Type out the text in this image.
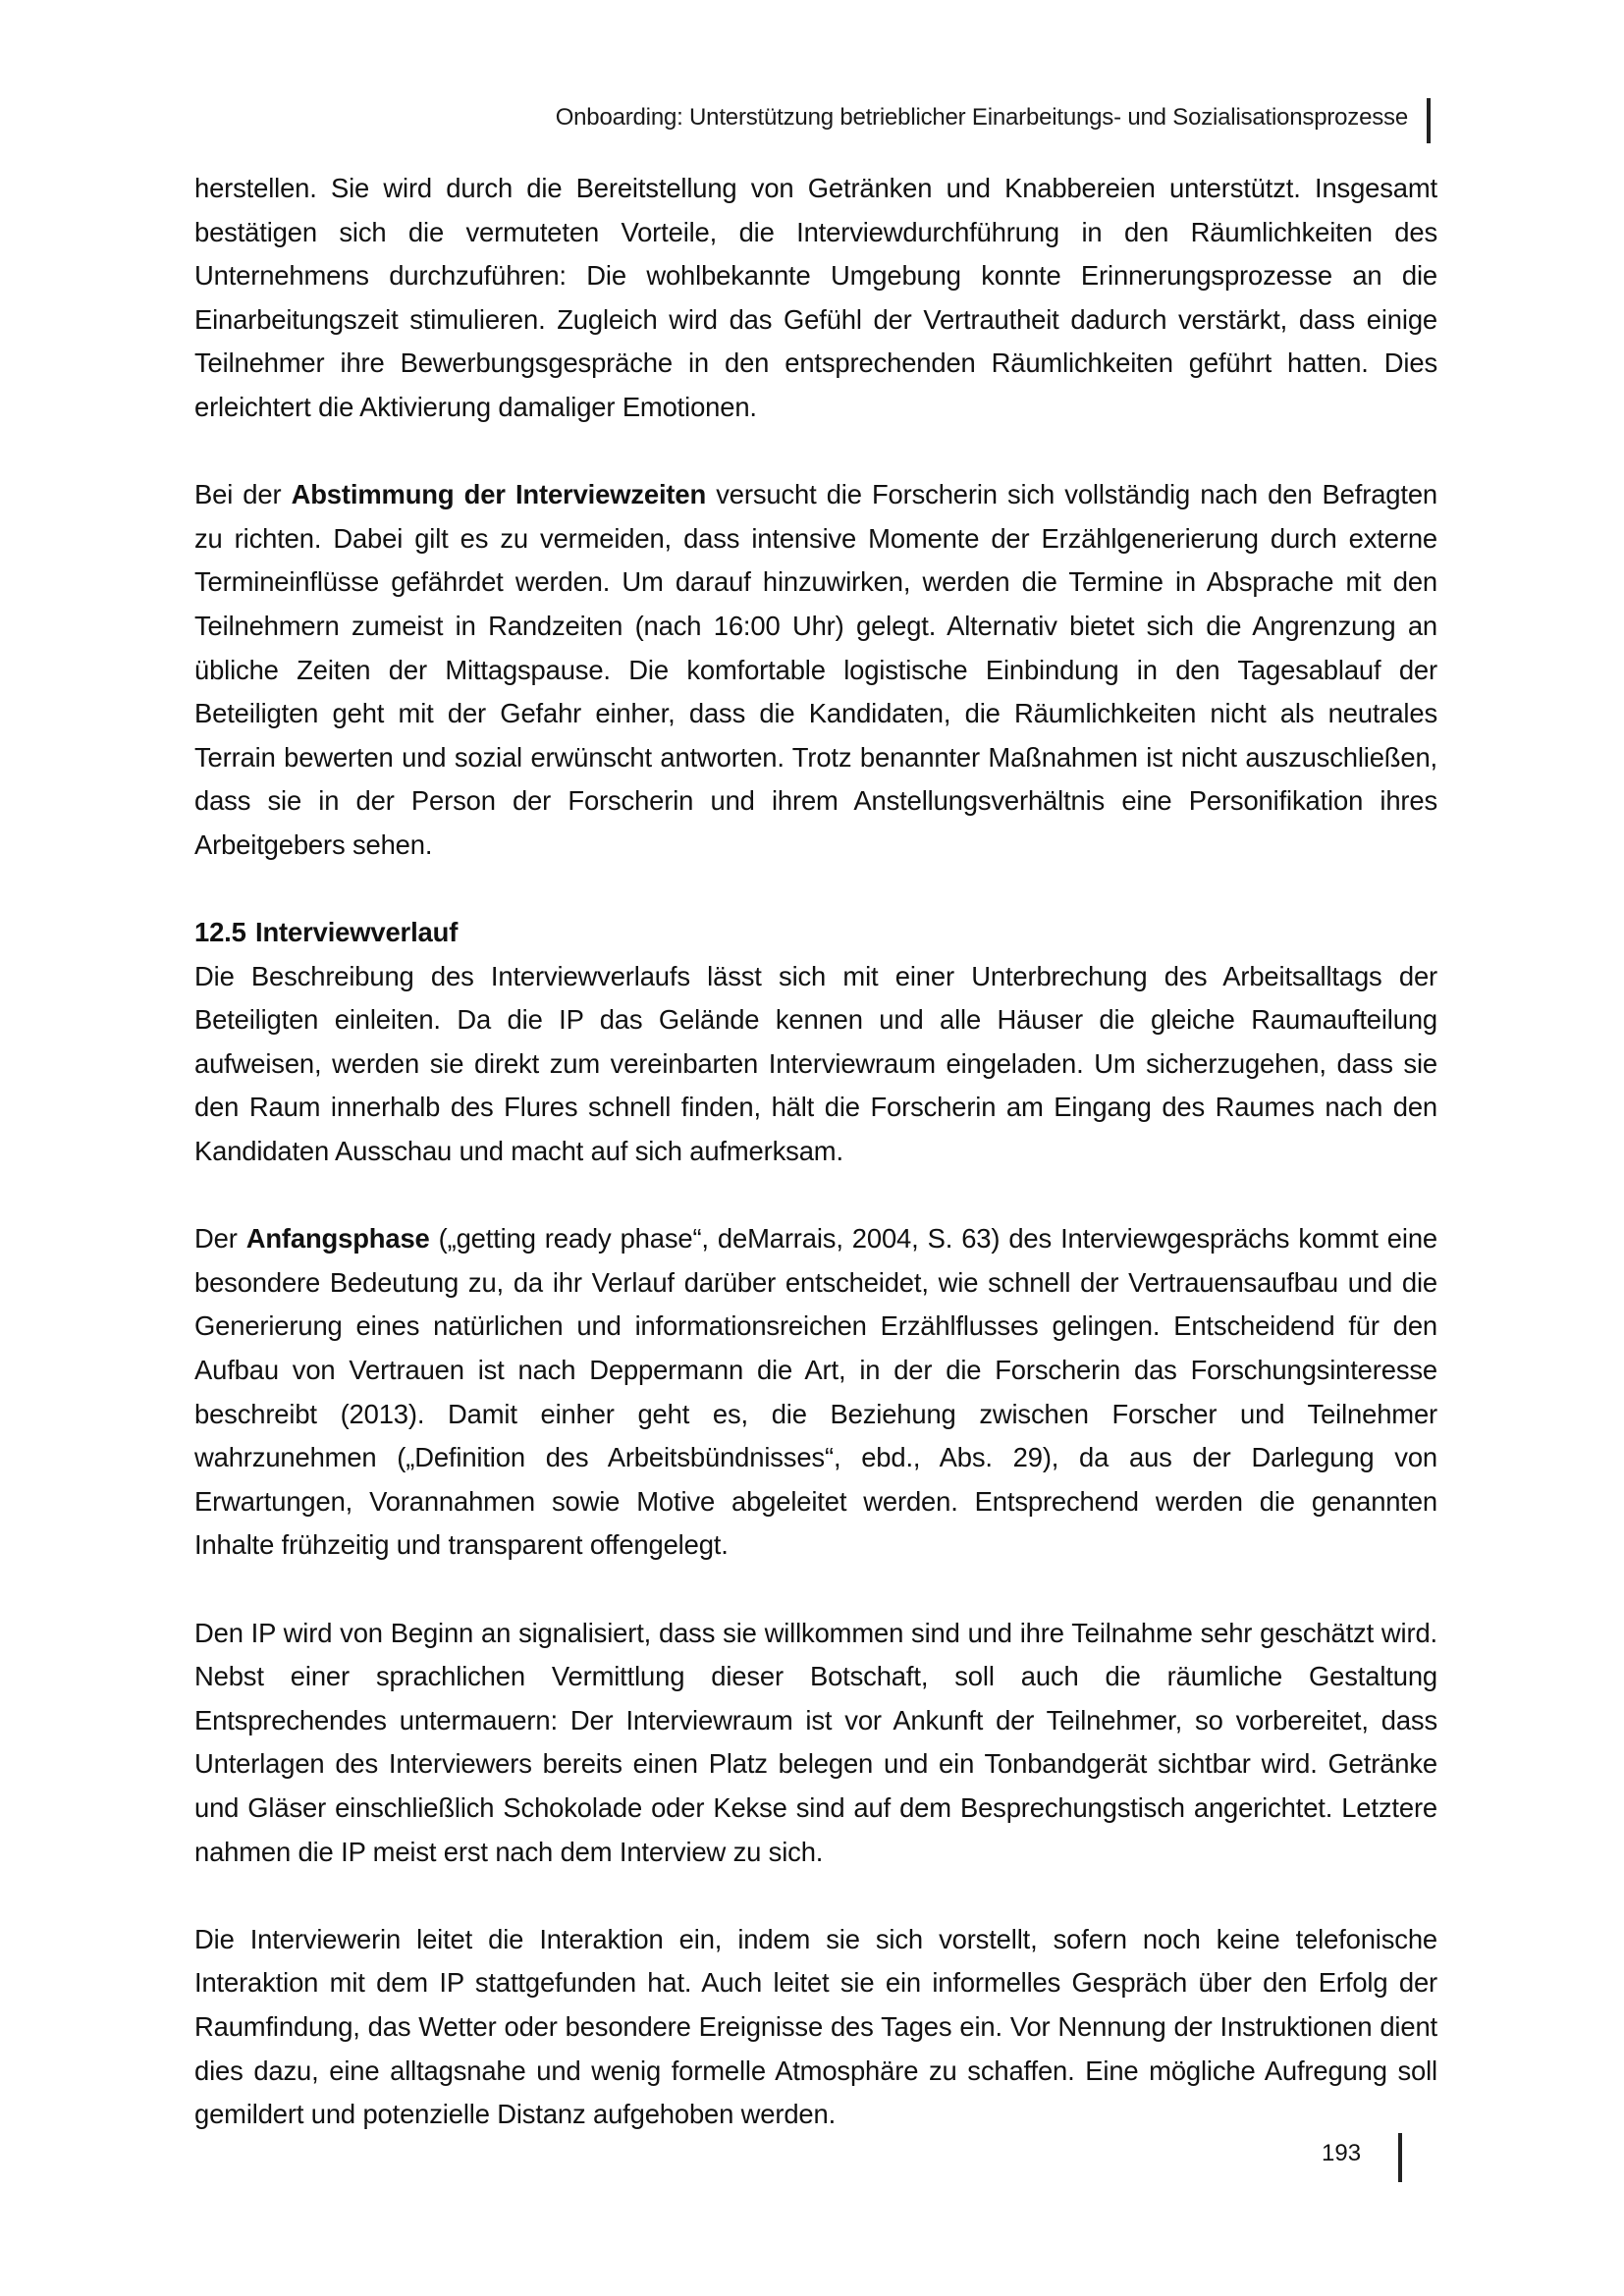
Onboarding: Unterstützung betrieblicher Einarbeitungs- und Sozialisationsprozesse

herstellen. Sie wird durch die Bereitstellung von Getränken und Knabbereien unterstützt. Insgesamt bestätigen sich die vermuteten Vorteile, die Interviewdurchführung in den Räumlichkeiten des Unternehmens durchzuführen: Die wohlbekannte Umgebung konnte Erinnerungsprozesse an die Einarbeitungszeit stimulieren. Zugleich wird das Gefühl der Vertrautheit dadurch verstärkt, dass einige Teilnehmer ihre Bewerbungsgespräche in den entsprechenden Räumlichkeiten geführt hatten. Dies erleichtert die Aktivierung damaliger Emotionen.

Bei der Abstimmung der Interviewzeiten versucht die Forscherin sich vollständig nach den Befragten zu richten. Dabei gilt es zu vermeiden, dass intensive Momente der Erzählgenerierung durch externe Termineinflüsse gefährdet werden. Um darauf hinzuwirken, werden die Termine in Absprache mit den Teilnehmern zumeist in Randzeiten (nach 16:00 Uhr) gelegt. Alternativ bietet sich die Angrenzung an übliche Zeiten der Mittagspause. Die komfortable logistische Einbindung in den Tagesablauf der Beteiligten geht mit der Gefahr einher, dass die Kandidaten, die Räumlichkeiten nicht als neutrales Terrain bewerten und sozial erwünscht antworten. Trotz benannter Maßnahmen ist nicht auszuschließen, dass sie in der Person der Forscherin und ihrem Anstellungsverhältnis eine Personifikation ihres Arbeitgebers sehen.

12.5 Interviewverlauf

Die Beschreibung des Interviewverlaufs lässt sich mit einer Unterbrechung des Arbeitsalltags der Beteiligten einleiten. Da die IP das Gelände kennen und alle Häuser die gleiche Raumaufteilung aufweisen, werden sie direkt zum vereinbarten Interviewraum eingeladen. Um sicherzugehen, dass sie den Raum innerhalb des Flures schnell finden, hält die Forscherin am Eingang des Raumes nach den Kandidaten Ausschau und macht auf sich aufmerksam.

Der Anfangsphase („getting ready phase“, deMarrais, 2004, S. 63) des Interviewgesprächs kommt eine besondere Bedeutung zu, da ihr Verlauf darüber entscheidet, wie schnell der Vertrauensaufbau und die Generierung eines natürlichen und informationsreichen Erzählflusses gelingen. Entscheidend für den Aufbau von Vertrauen ist nach Deppermann die Art, in der die Forscherin das Forschungsinteresse beschreibt (2013). Damit einher geht es, die Beziehung zwischen Forscher und Teilnehmer wahrzunehmen („Definition des Arbeitsbündnisses“, ebd., Abs. 29), da aus der Darlegung von Erwartungen, Vorannahmen sowie Motive abgeleitet werden. Entsprechend werden die genannten Inhalte frühzeitig und transparent offengelegt.

Den IP wird von Beginn an signalisiert, dass sie willkommen sind und ihre Teilnahme sehr geschätzt wird. Nebst einer sprachlichen Vermittlung dieser Botschaft, soll auch die räumliche Gestaltung Entsprechendes untermauern: Der Interviewraum ist vor Ankunft der Teilnehmer, so vorbereitet, dass Unterlagen des Interviewers bereits einen Platz belegen und ein Tonbandgerät sichtbar wird. Getränke und Gläser einschließlich Schokolade oder Kekse sind auf dem Besprechungstisch angerichtet. Letztere nahmen die IP meist erst nach dem Interview zu sich.

Die Interviewerin leitet die Interaktion ein, indem sie sich vorstellt, sofern noch keine telefonische Interaktion mit dem IP stattgefunden hat. Auch leitet sie ein informelles Gespräch über den Erfolg der Raumfindung, das Wetter oder besondere Ereignisse des Tages ein. Vor Nennung der Instruktionen dient dies dazu, eine alltagsnahe und wenig formelle Atmosphäre zu schaffen. Eine mögliche Aufregung soll gemildert und potenzielle Distanz aufgehoben werden.

193
